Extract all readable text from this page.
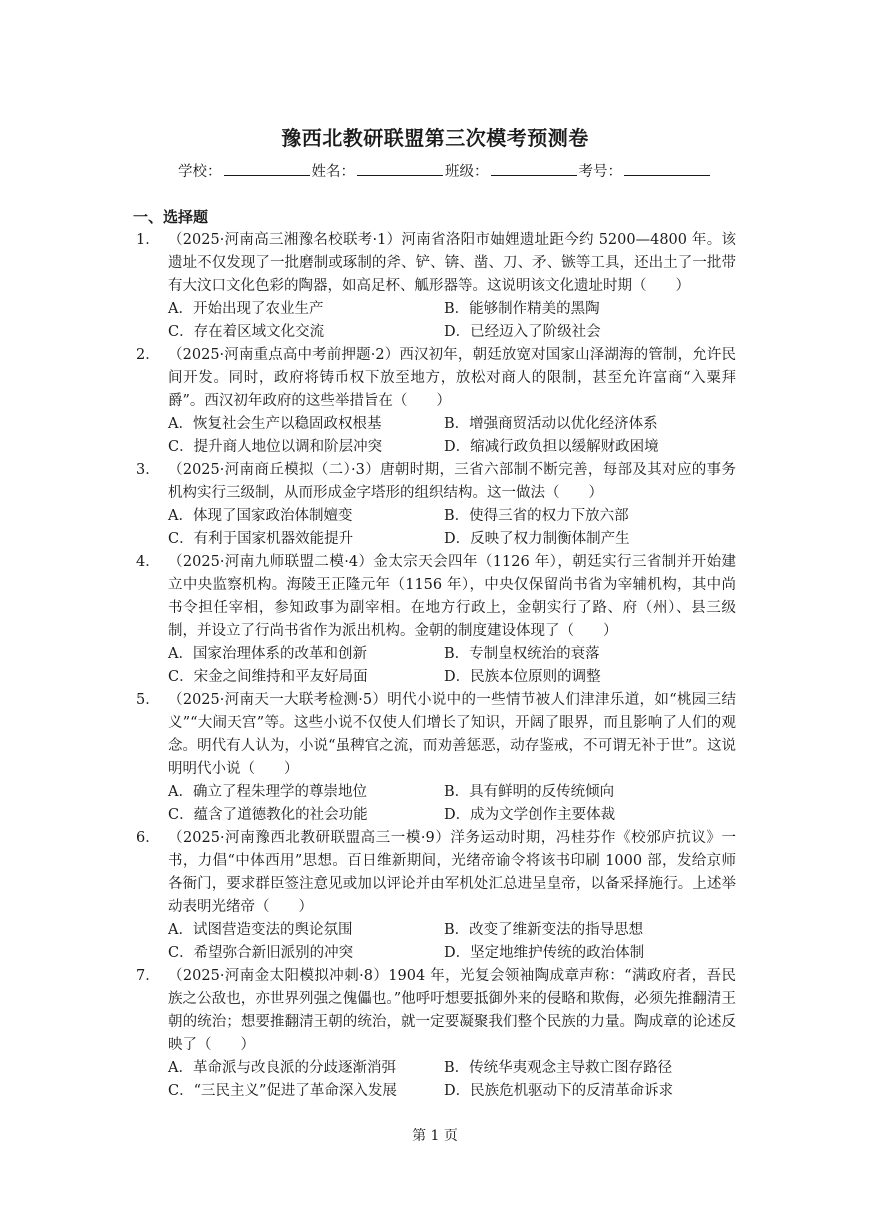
豫西北教研联盟第三次模考预测卷
学校：	姓名：	班级：	考号：
一、选择题
1． （2025·河南高三湘豫名校联考·1）河南省洛阳市妯娌遗址距今约 5200—4800 年。该遗址不仅发现了一批磨制或琢制的斧、铲、锛、凿、刀、矛、镞等工具，还出土了一批带有大汶口文化色彩的陶器，如高足杯、觚形器等。这说明该文化遗址时期（　　）
A．开始出现了农业生产	B．能够制作精美的黑陶
C．存在着区域文化交流	D．已经迈入了阶级社会
2． （2025·河南重点高中考前押题·2）西汉初年，朝廷放宽对国家山泽湖海的管制，允许民间开发。同时，政府将铸币权下放至地方，放松对商人的限制，甚至允许富商“入粟拜爵”。西汉初年政府的这些举措旨在（　　）
A．恢复社会生产以稳固政权根基	B．增强商贸活动以优化经济体系
C．提升商人地位以调和阶层冲突	D．缩减行政负担以缓解财政困境
3． （2025·河南商丘模拟（二）·3）唐朝时期，三省六部制不断完善，每部及其对应的事务机构实行三级制，从而形成金字塔形的组织结构。这一做法（　　）
A．体现了国家政治体制嬗变	B．使得三省的权力下放六部
C．有利于国家机器效能提升	D．反映了权力制衡体制产生
4． （2025·河南九师联盟二模·4）金太宗天会四年（1126 年），朝廷实行三省制并开始建立中央监察机构。海陵王正隆元年（1156 年），中央仅保留尚书省为宰辅机构，其中尚书令担任宰相，参知政事为副宰相。在地方行政上，金朝实行了路、府（州）、县三级制，并设立了行尚书省作为派出机构。金朝的制度建设体现了（　　）
A．国家治理体系的改革和创新	B．专制皇权统治的衰落
C．宋金之间维持和平友好局面	D．民族本位原则的调整
5． （2025·河南天一大联考检测·5）明代小说中的一些情节被人们津津乐道，如“桃园三结义”“大闹天宫”等。这些小说不仅使人们增长了知识，开阔了眼界，而且影响了人们的观念。明代有人认为，小说“虽稗官之流，而劝善惩恶，动存鉴戒，不可谓无补于世”。这说明明代小说（　　）
A．确立了程朱理学的尊崇地位	B．具有鲜明的反传统倾向
C．蕴含了道德教化的社会功能	D．成为文学创作主要体裁
6． （2025·河南豫西北教研联盟高三一模·9）洋务运动时期，冯桂芬作《校邠庐抗议》一书，力倡“中体西用”思想。百日维新期间，光绪帝谕令将该书印刷 1000 部，发给京师各衙门，要求群臣签注意见或加以评论并由军机处汇总进呈皇帝，以备采择施行。上述举动表明光绪帝（　　）
A．试图营造变法的舆论氛围	B．改变了维新变法的指导思想
C．希望弥合新旧派别的冲突	D．坚定地维护传统的政治体制
7． （2025·河南金太阳模拟冲刺·8）1904 年，光复会领袖陶成章声称：“满政府者，吾民族之公敌也，亦世界列强之傀儡也。”他呼吁想要抵御外来的侵略和欺侮，必须先推翻清王朝的统治；想要推翻清王朝的统治，就一定要凝聚我们整个民族的力量。陶成章的论述反映了（　　）
A．革命派与改良派的分歧逐渐消弭	B．传统华夷观念主导救亡图存路径
C．“三民主义”促进了革命深入发展	D．民族危机驱动下的反清革命诉求
第 1 页
